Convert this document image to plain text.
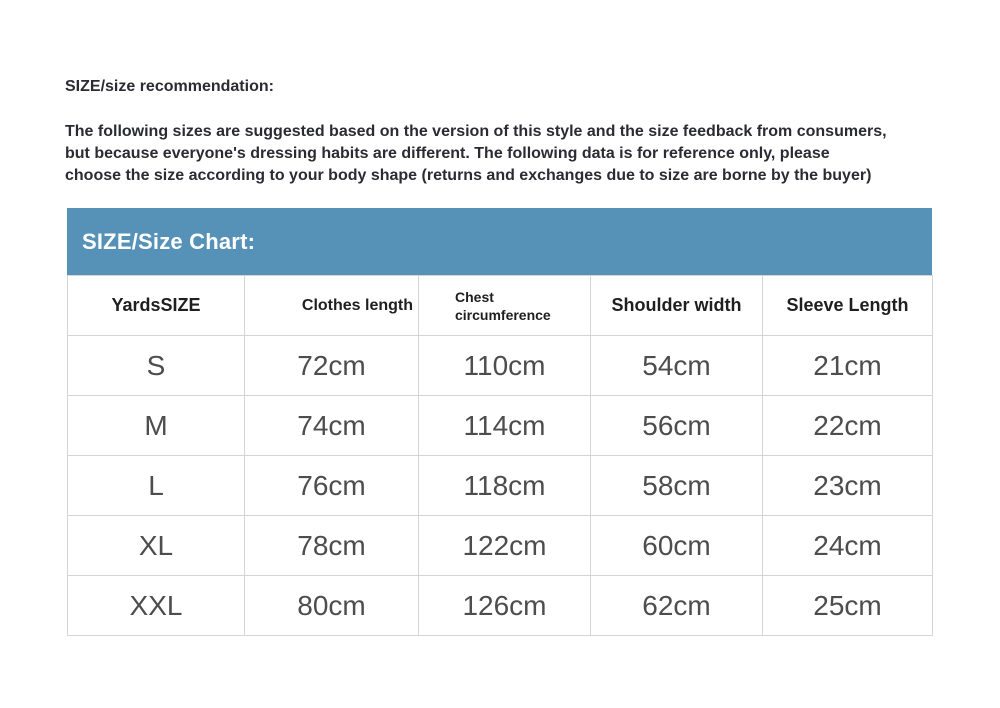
SIZE/size recommendation:
The following sizes are suggested based on the version of this style and the size feedback from consumers,
but because everyone's dressing habits are different. The following data is for reference only, please
choose the size according to your body shape (returns and exchanges due to size are borne by the buyer)
SIZE/Size Chart:
YardsSIZE	Clothes length	Chest circumference	Shoulder width	Sleeve Length
S	72cm	110cm	54cm	21cm
M	74cm	114cm	56cm	22cm
L	76cm	118cm	58cm	23cm
XL	78cm	122cm	60cm	24cm
XXL	80cm	126cm	62cm	25cm
